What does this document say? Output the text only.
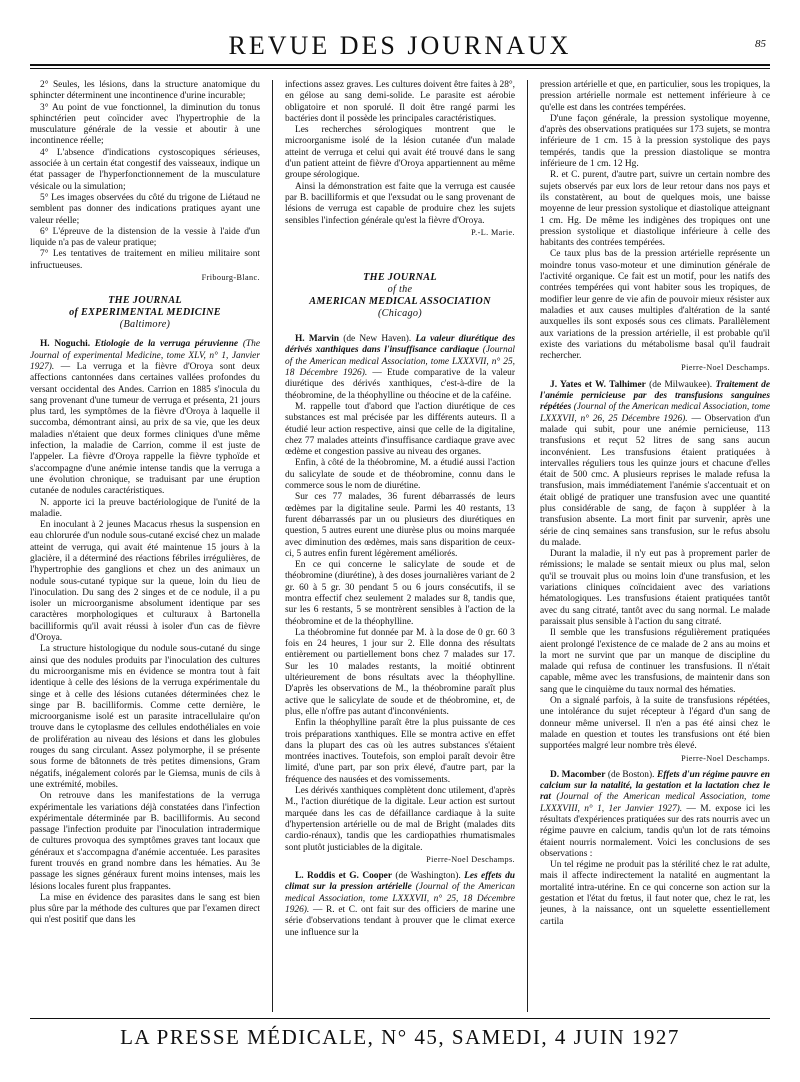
REVUE DES JOURNAUX	85

2° Seules, les lésions, dans la structure anatomique du sphincter déterminent une incontinence d'urine incurable;

3° Au point de vue fonctionnel, la diminution du tonus sphinctérien peut coïncider avec l'hypertrophie de la musculature générale de la vessie et aboutir à une incontinence réelle;

4° L'absence d'indications cystoscopiques sérieuses, associée à un certain état congestif des vaisseaux, indique un état passager de l'hyperfonctionnement de la musculature vésicale ou la simulation;

5° Les images observées du côté du trigone de Liétaud ne semblent pas donner des indications pratiques ayant une valeur réelle;

6° L'épreuve de la distension de la vessie à l'aide d'un liquide n'a pas de valeur pratique;

7° Les tentatives de traitement en milieu militaire sont infructueuses.

Fribourg-Blanc.
THE JOURNAL
of EXPERIMENTAL MEDICINE
(Baltimore)

H. Noguchi. Etiologie de la verruga péruvienne (The Journal of experimental Medicine, tome XLV, n° 1, Janvier 1927). — La verruga et la fièvre d'Oroya sont deux affections cantonnées dans certaines vallées profondes du versant occidental des Andes. Carrion en 1885 s'inocula du sang provenant d'une tumeur de verruga et présenta, 21 jours plus tard, les symptômes de la fièvre d'Oroya à laquelle il succomba, démontrant ainsi, au prix de sa vie, que les deux maladies n'étaient que deux formes cliniques d'une même infection, la maladie de Carrion, comme il est juste de l'appeler. La fièvre d'Oroya rappelle la fièvre typhoïde et s'accompagne d'une anémie intense tandis que la verruga a une évolution chronique, se traduisant par une éruption cutanée de nodules caractéristiques.

N. apporte ici la preuve bactériologique de l'unité de la maladie.

En inoculant à 2 jeunes Macacus rhesus la suspension en eau chlorurée d'un nodule sous-cutané excisé chez un malade atteint de verruga, qui avait été maintenue 15 jours à la glacière, il a déterminé des réactions fébriles irrégulières, de l'hypertrophie des ganglions et chez un des animaux un nodule sous-cutané typique sur la queue, loin du lieu de l'inoculation. Du sang des 2 singes et de ce nodule, il a pu isoler un microorganisme absolument identique par ses caractères morphologiques et culturaux à Bartonella bacilliformis qu'il avait réussi à isoler d'un cas de fièvre d'Oroya.

La structure histologique du nodule sous-cutané du singe ainsi que des nodules produits par l'inoculation des cultures du microorganisme mis en évidence se montra tout à fait identique à celle des lésions de la verruga expérimentale du singe et à celle des lésions cutanées déterminées chez le singe par B. bacilliformis. Comme cette dernière, le microorganisme isolé est un parasite intracellulaire qu'on trouve dans le cytoplasme des cellules endothéliales en voie de prolifération au niveau des lésions et dans les globules rouges du sang circulant. Assez polymorphe, il se présente sous forme de bâtonnets de très petites dimensions, Gram négatifs, inégalement colorés par le Giemsa, munis de cils à une extrémité, mobiles.

On retrouve dans les manifestations de la verruga expérimentale les variations déjà constatées dans l'infection expérimentale déterminée par B. bacilliformis. Au second passage l'infection produite par l'inoculation intradermique de cultures provoqua des symptômes graves tant locaux que généraux et s'accompagna d'anémie accentuée. Les parasites furent trouvés en grand nombre dans les hématies. Au 3e passage les signes généraux furent moins intenses, mais les lésions locales furent plus frappantes.

La mise en évidence des parasites dans le sang est bien plus sûre par la méthode des cultures que par l'examen direct qui n'est positif que dans les

infections assez graves. Les cultures doivent être faites à 28°, en gélose au sang demi-solide. Le parasite est aérobie obligatoire et non sporulé. Il doit être rangé parmi les bactéries dont il possède les principales caractéristiques.

Les recherches sérologiques montrent que le microorganisme isolé de la lésion cutanée d'un malade atteint de verruga et celui qui avait été trouvé dans le sang d'un patient atteint de fièvre d'Oroya appartiennent au même groupe sérologique.

Ainsi la démonstration est faite que la verruga est causée par B. bacilliformis et que l'exsudat ou le sang provenant de lésions de verruga est capable de produire chez les sujets sensibles l'infection générale qu'est la fièvre d'Oroya.

P.-L. Marie.
THE JOURNAL
of the
AMERICAN MEDICAL ASSOCIATION
(Chicago)

H. Marvin (de New Haven). La valeur diurétique des dérivés xanthiques dans l'insuffisance cardiaque (Journal of the American medical Association, tome LXXXVII, n° 25, 18 Décembre 1926). — Etude comparative de la valeur diurétique des dérivés xanthiques, c'est-à-dire de la théobromine, de la théophylline ou théocine et de la caféine.

M. rappelle tout d'abord que l'action diurétique de ces substances est mal précisée par les différents auteurs. Il a étudié leur action respective, ainsi que celle de la digitaline, chez 77 malades atteints d'insuffisance cardiaque grave avec œdème et congestion passive au niveau des organes.

Enfin, à côté de la théobromine, M. a étudié aussi l'action du salicylate de soude et de théobromine, connu dans le commerce sous le nom de diurétine.

Sur ces 77 malades, 36 furent débarrassés de leurs œdèmes par la digitaline seule. Parmi les 40 restants, 13 furent débarrassés par un ou plusieurs des diurétiques en question, 5 autres eurent une diurèse plus ou moins marquée avec diminution des œdèmes, mais sans disparition de ceux-ci, 5 autres enfin furent légèrement améliorés.

En ce qui concerne le salicylate de soude et de théobromine (diurétine), à des doses journalières variant de 2 gr. 60 à 5 gr. 30 pendant 5 ou 6 jours consécutifs, il se montra effectif chez seulement 2 malades sur 8, tandis que, sur les 6 restants, 5 se montrèrent sensibles à l'action de la théobromine et de la théophylline.

La théobromine fut donnée par M. à la dose de 0 gr. 60 3 fois en 24 heures, 1 jour sur 2. Elle donna des résultats entièrement ou partiellement bons chez 7 malades sur 17. Sur les 10 malades restants, la moitié obtinrent ultérieurement de bons résultats avec la théophylline. D'après les observations de M., la théobromine paraît plus active que le salicylate de soude et de théobromine, et, de plus, elle n'offre pas autant d'inconvénients.

Enfin la théophylline paraît être la plus puissante de ces trois préparations xanthiques. Elle se montra active en effet dans la plupart des cas où les autres substances s'étaient montrées inactives. Toutefois, son emploi paraît devoir être limité, d'une part, par son prix élevé, d'autre part, par la fréquence des nausées et des vomissements.

Les dérivés xanthiques complètent donc utilement, d'après M., l'action diurétique de la digitale. Leur action est surtout marquée dans les cas de défaillance cardiaque à la suite d'hypertension artérielle ou de mal de Bright (malades dits cardio-rénaux), tandis que les cardiopathies rhumatismales sont plutôt justiciables de la digitale.

Pierre-Noel Deschamps.

L. Roddis et G. Cooper (de Washington). Les effets du climat sur la pression artérielle (Journal of the American medical Association, tome LXXXVII, n° 25, 18 Décembre 1926). — R. et C. ont fait sur des officiers de marine une série d'observations tendant à prouver que le climat exerce une influence sur la

pression artérielle et que, en particulier, sous les tropiques, la pression artérielle normale est nettement inférieure à ce qu'elle est dans les contrées tempérées.

D'une façon générale, la pression systolique moyenne, d'après des observations pratiquées sur 173 sujets, se montra inférieure de 1 cm. 15 à la pression systolique des pays tempérés, tandis que la pression diastolique se montra inférieure de 1 cm. 12 Hg.

R. et C. purent, d'autre part, suivre un certain nombre des sujets observés par eux lors de leur retour dans nos pays et ils constatèrent, au bout de quelques mois, une baisse moyenne de leur pression systolique et diastolique atteignant 1 cm. Hg. De même les indigènes des tropiques ont une pression systolique et diastolique inférieure à celle des habitants des contrées tempérées.

Ce taux plus bas de la pression artérielle représente un moindre tonus vaso-moteur et une diminution générale de l'activité organique. Ce fait est un motif, pour les natifs des contrées tempérées qui vont habiter sous les tropiques, de modifier leur genre de vie afin de pouvoir mieux résister aux maladies et aux causes multiples d'altération de la santé auxquelles ils sont exposés sous ces climats. Parallèlement aux variations de la pression artérielle, il est probable qu'il existe des variations du métabolisme basal qu'il faudrait rechercher.

Pierre-Noel Deschamps.

J. Yates et W. Talhimer (de Milwaukee). Traitement de l'anémie pernicieuse par des transfusions sanguines répétées (Journal of the American medical Association, tome LXXXVII, n° 26, 25 Décembre 1926). — Observation d'un malade qui subit, pour une anémie pernicieuse, 113 transfusions et reçut 52 litres de sang sans aucun inconvénient. Les transfusions étaient pratiquées à intervalles réguliers tous les quinze jours et chacune d'elles était de 500 cmc. A plusieurs reprises le malade refusa la transfusion, mais immédiatement l'anémie s'accentuait et on était obligé de pratiquer une transfusion avec une quantité plus considérable de sang, de façon à suppléer à la transfusion absente. La mort finit par survenir, après une série de cinq semaines sans transfusion, sur le refus absolu du malade.

Durant la maladie, il n'y eut pas à proprement parler de rémissions; le malade se sentait mieux ou plus mal, selon qu'il se trouvait plus ou moins loin d'une transfusion, et les variations cliniques coïncidaient avec des variations hématologiques. Les transfusions étaient pratiquées tantôt avec du sang citraté, tantôt avec du sang normal. Le malade paraissait plus sensible à l'action du sang citraté.

Il semble que les transfusions régulièrement pratiquées aient prolongé l'existence de ce malade de 2 ans au moins et la mort ne survint que par un manque de discipline du malade qui refusa de continuer les transfusions. Il n'était capable, même avec les transfusions, de maintenir dans son sang que le cinquième du taux normal des hématies.

On a signalé parfois, à la suite de transfusions répétées, une intolérance du sujet récepteur à l'égard d'un sang de donneur même universel. Il n'en a pas été ainsi chez le malade en question et toutes les transfusions ont été bien supportées malgré leur nombre très élevé.

Pierre-Noel Deschamps.

D. Macomber (de Boston). Effets d'un régime pauvre en calcium sur la natalité, la gestation et la lactation chez le rat (Journal of the American medical Association, tome LXXXVIII, n° 1, 1er Janvier 1927). — M. expose ici les résultats d'expériences pratiquées sur des rats nourris avec un régime pauvre en calcium, tandis qu'un lot de rats témoins étaient nourris normalement. Voici les conclusions de ses observations :

Un tel régime ne produit pas la stérilité chez le rat adulte, mais il affecte indirectement la natalité en augmentant la mortalité intra-utérine. En ce qui concerne son action sur la gestation et l'état du fœtus, il faut noter que, chez le rat, les jeunes, à la naissance, ont un squelette essentiellement cartila

LA PRESSE MÉDICALE, N° 45, SAMEDI, 4 JUIN 1927
